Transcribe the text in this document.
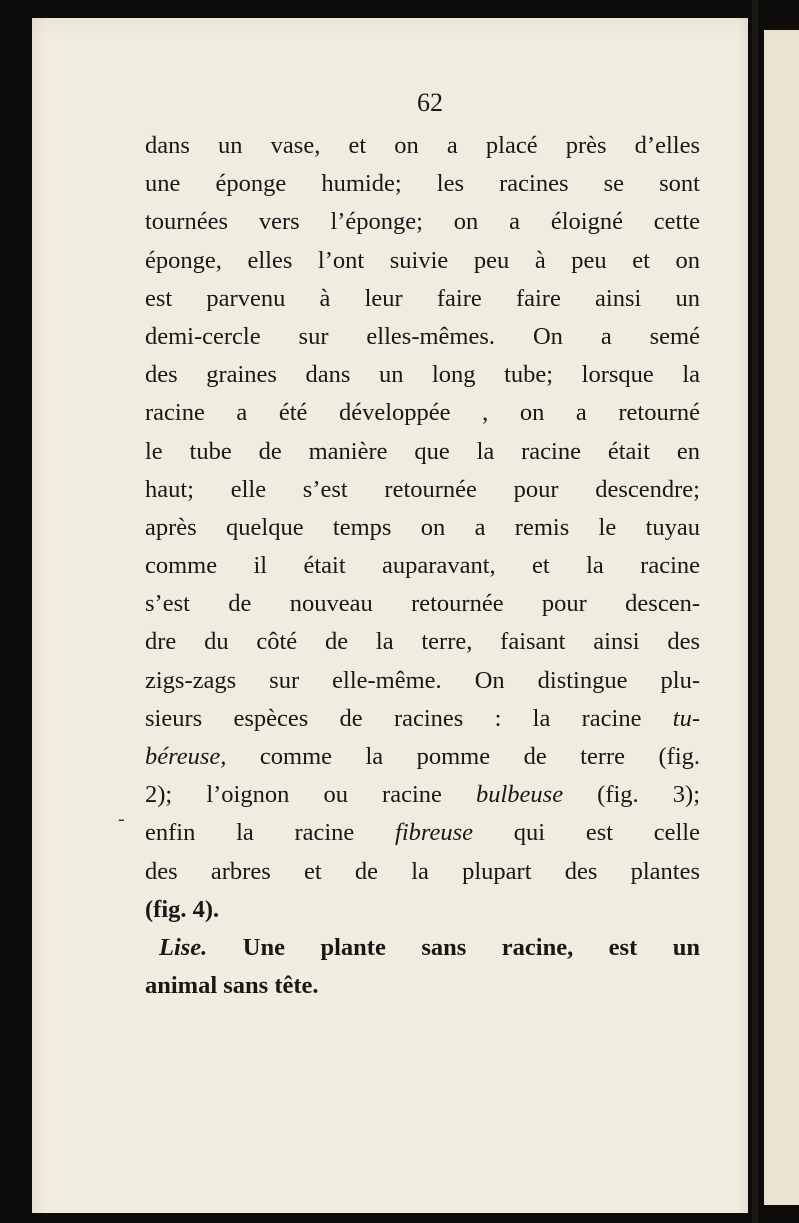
62
dans un vase, et on a placé près d’elles
une éponge humide; les racines se sont
tournées vers l’éponge; on a éloigné cette
éponge, elles l’ont suivie peu à peu et on
est parvenu à leur faire faire ainsi un
demi-cercle sur elles-mêmes. On a semé
des graines dans un long tube; lorsque la
racine a été développée , on a retourné
le tube de manière que la racine était en
haut; elle s’est retournée pour descendre;
après quelque temps on a remis le tuyau
comme il était auparavant, et la racine
s’est de nouveau retournée pour descen-
dre du côté de la terre, faisant ainsi des
zigs-zags sur elle-même. On distingue plu-
sieurs espèces de racines : la racine tu-
béreuse, comme la pomme de terre (fig.
2); l’oignon ou racine bulbeuse (fig. 3);
enfin la racine fibreuse qui est celle
des arbres et de la plupart des plantes
(fig. 4).
Lise. Une plante sans racine, est un
animal sans tête.
-
